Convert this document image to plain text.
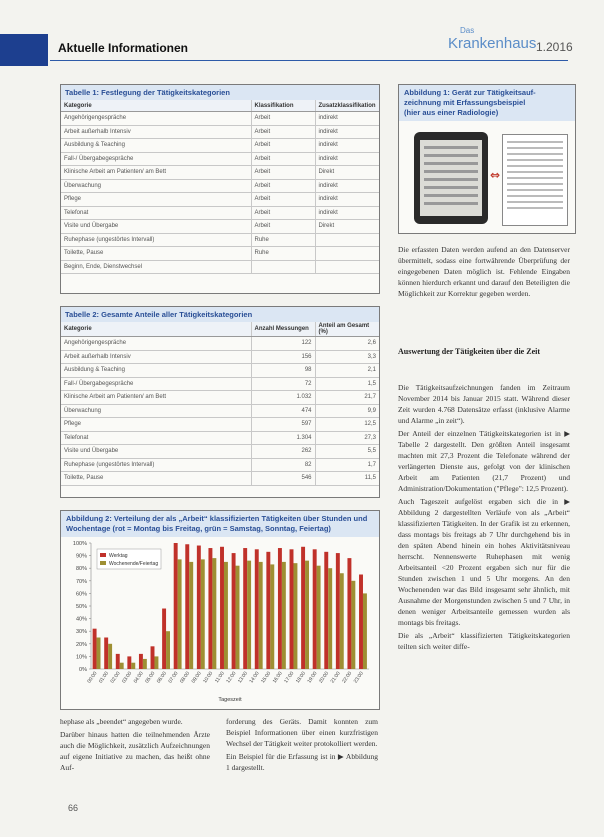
Aktuelle Informationen
Das
Krankenhaus 1.2016
Tabelle 1: Festlegung der Tätigkeitskategorien
Kategorie	Klassifikation	Zusatzklassifikation
Angehörigengespräche	Arbeit	indirekt
Arbeit außerhalb Intensiv	Arbeit	indirekt
Ausbildung & Teaching	Arbeit	indirekt
Fall-/ Übergabegespräche	Arbeit	indirekt
Klinische Arbeit am Patienten/ am Bett	Arbeit	Direkt
Überwachung	Arbeit	indirekt
Pflege	Arbeit	indirekt
Telefonat	Arbeit	indirekt
Visite und Übergabe	Arbeit	Direkt
Ruhephase (ungestörtes Intervall)	Ruhe	
Toilette, Pause	Ruhe	
Beginn, Ende, Dienstwechsel		
Tabelle 2: Gesamte Anteile aller Tätigkeitskategorien
Kategorie	Anzahl Messungen	Anteil am Gesamt (%)
Angehörigengespräche	122	2,6
Arbeit außerhalb Intensiv	156	3,3
Ausbildung & Teaching	98	2,1
Fall-/ Übergabegespräche	72	1,5
Klinische Arbeit am Patienten/ am Bett	1.032	21,7
Überwachung	474	9,9
Pflege	597	12,5
Telefonat	1.304	27,3
Visite und Übergabe	262	5,5
Ruhephase (ungestörtes Intervall)	82	1,7
Toilette, Pause	546	11,5
Abbildung 2: Verteilung der als „Arbeit“ klassifizierten Tätigkeiten über Stunden und Wochentage (rot = Montag bis Freitag, grün = Samstag, Sonntag, Feiertag)
0%
10%
20%
30%
40%
50%
60%
70%
80%
90%
100%
00:00 01:00 02:00 03:00 04:00 05:00 06:00 07:00 08:00 09:00 10:00 11:00 12:00 13:00 14:00 15:00 16:00 17:00 18:00 19:00 20:00 21:00 22:00 23:00
Tageszeit
Werktag
Wochenende/Feiertag
Abbildung 1: Gerät zur Tätigkeitsauf-
zeichnung mit Erfassungsbeispiel
(hier aus einer Radiologie)
⇔

Die erfassten Daten werden aufend an den Datenserver übermittelt, sodass eine fortwährende Überprüfung der eingegebenen Daten möglich ist. Fehlende Eingaben können hierdurch erkannt und darauf den Beteiligten die Möglichkeit zur Korrektur gegeben werden.

Auswertung der Tätigkeiten über die Zeit

Die Tätigkeitsaufzeichnungen fanden im Zeitraum November 2014 bis Januar 2015 statt. Während dieser Zeit wurden 4.768 Datensätze erfasst (inklusive Alarme und Alarme „in zeit“).

Der Anteil der einzelnen Tätigkeitskategorien ist in ▶ Tabelle 2 dargestellt. Den größten Anteil insgesamt machten mit 27,3 Prozent die Telefonate während der verlängerten Dienste aus, gefolgt von der klinischen Arbeit am Patienten (21,7 Prozent) und Administration/Dokumentation ("Pflege": 12,5 Prozent).

Auch Tageszeit aufgelöst ergaben sich die in ▶ Abbildung 2 dargestellten Verläufe von als „Arbeit“ klassifizierten Tätigkeiten. In der Grafik ist zu erkennen, dass montags bis freitags ab 7 Uhr durchgehend bis in den späten Abend hinein ein hohes Aktivitätsniveau herrscht. Nennenswerte Ruhephasen mit wenig Arbeitsanteil <20 Prozent ergaben sich nur für die Stunden zwischen 1 und 5 Uhr morgens. An den Wochenenden war das Bild insgesamt sehr ähnlich, mit Ausnahme der Morgenstunden zwischen 5 und 7 Uhr, in denen weniger Arbeitsanteile gemessen wurden als montags bis freitags.

Die als „Arbeit“ klassifizierten Tätigkeitskategorien teilten sich weiter diffe-

hephase als „beendet“ angegeben wurde.

Darüber hinaus hatten die teilnehmenden Ärzte auch die Möglichkeit, zusätzlich Aufzeichnungen auf eigene Initiative zu machen, das heißt ohne Auf-

forderung des Geräts. Damit konnten zum Beispiel Informationen über einen kurzfristigen Wechsel der Tätigkeit weiter protokolliert werden.

Ein Beispiel für die Erfassung ist in ▶ Abbildung 1 dargestellt.

66
